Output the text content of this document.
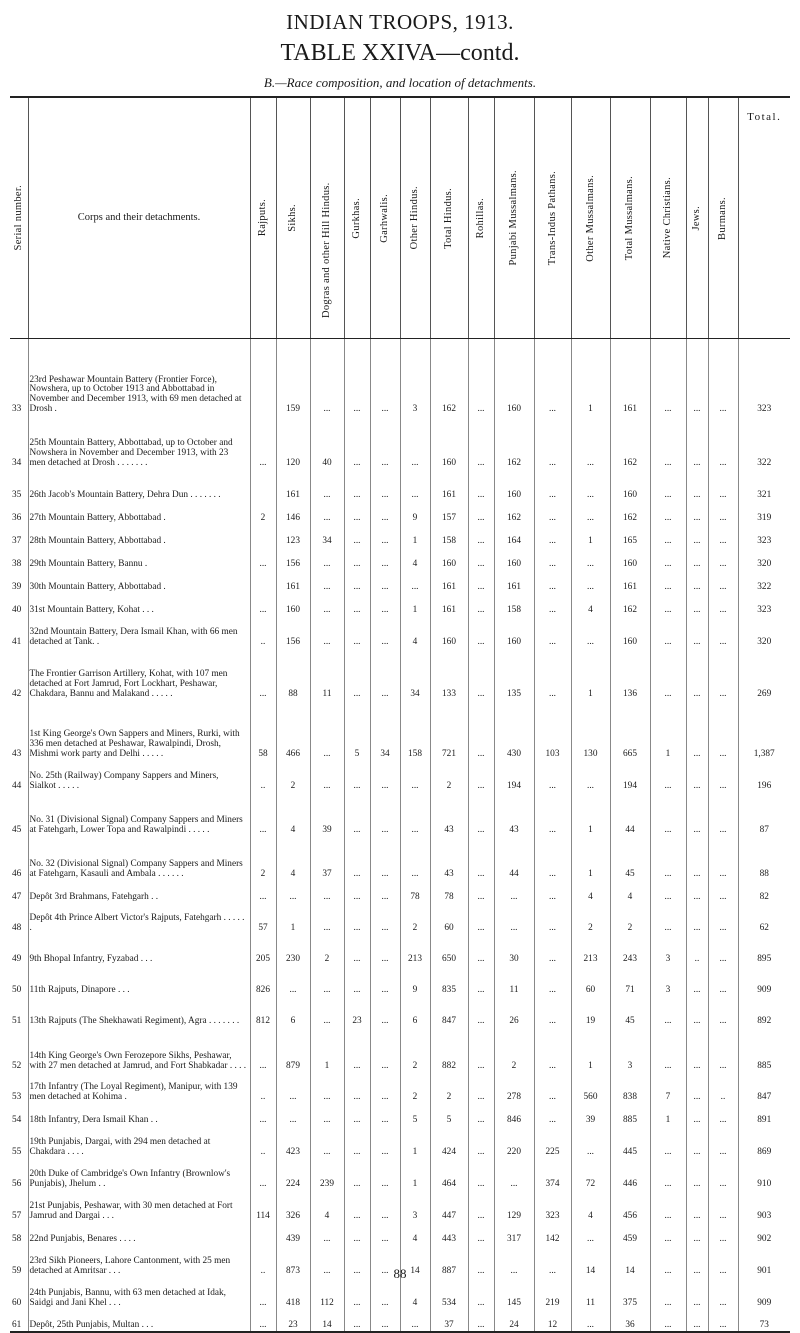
INDIAN TROOPS, 1913.
TABLE XXIVA—contd.
B.—Race composition, and location of detachments.
Serial number.	Corps and their detachments.	Rajputs.	Sikhs.	Dogras and other Hill Hindus.	Gurkhas.	Garhwalis.	Other Hindus.	Total Hindus.	Rohillas.	Punjabi Mussalmans.	Trans-Indus Pathans.	Other Mussalmans.	Total Mussalmans.	Native Christians.	Jews.	Burmans.	Total.
33	23rd Peshawar Mountain Battery (Frontier Force), Nowshera, up to October 1913 and Abbottabad in November and December 1913, with 69 men detached at Drosh .		159	...	...	...	3	162	...	160	...	1	161	...	...	...	323
34	25th Mountain Battery, Abbottabad, up to October and Nowshera in November and December 1913, with 23 men detached at Drosh . . . . . . .	...	120	40	...	...	...	160	...	162	...	...	162	...	...	...	322
35	26th Jacob's Mountain Battery, Dehra Dun . . . . . . .		161	...	...	...	...	161	...	160	...	...	160	...	...	...	321
36	27th Mountain Battery, Abbottabad .	2	146	...	...	...	9	157	...	162	...	...	162	...	...	...	319
37	28th Mountain Battery, Abbottabad .		123	34	...	...	1	158	...	164	...	1	165	...	...	...	323
38	29th Mountain Battery, Bannu .	...	156	...	...	...	4	160	...	160	...	...	160	...	...	...	320
39	30th Mountain Battery, Abbottabad .		161	...	...	...	...	161	...	161	...	...	161	...	...	...	322
40	31st Mountain Battery, Kohat . . .	...	160	...	...	...	1	161	...	158	...	4	162	...	...	...	323
41	32nd Mountain Battery, Dera Ismail Khan, with 66 men detached at Tank. .	..	156	...	...	...	4	160	...	160	...	...	160	...	...	...	320
42	The Frontier Garrison Artillery, Kohat, with 107 men detached at Fort Jamrud, Fort Lockhart, Peshawar, Chakdara, Bannu and Malakand . . . . .	...	88	11	...	...	34	133	...	135	...	1	136	...	...	...	269
43	1st King George's Own Sappers and Miners, Rurki, with 336 men detached at Peshawar, Rawalpindi, Drosh, Mishmi work party and Delhi . . . . .	58	466	...	5	34	158	721	...	430	103	130	665	1	...	...	1,387
44	No. 25th (Railway) Company Sappers and Miners, Sialkot . . . . .	..	2	...	...	...	...	2	...	194	...	...	194	...	...	...	196
45	No. 31 (Divisional Signal) Company Sappers and Miners at Fatehgarh, Lower Topa and Rawalpindi . . . . .	...	4	39	...	...	...	43	...	43	...	1	44	...	...	...	87
46	No. 32 (Divisional Signal) Company Sappers and Miners at Fatehgarn, Kasauli and Ambala . . . . . .	2	4	37	...	...	...	43	...	44	...	1	45	...	...	...	88
47	Depôt 3rd Brahmans, Fatehgarh . .	...	...	...	...	...	78	78	...	...	...	4	4	...	...	...	82
48	Depôt 4th Prince Albert Victor's Rajputs, Fatehgarh . . . . . .	57	1	...	...	...	2	60	...	...	...	2	2	...	...	...	62
49	9th Bhopal Infantry, Fyzabad . . .	205	230	2	...	...	213	650	...	30	...	213	243	3	..	...	895
50	11th Rajputs, Dinapore . . .	826	...	...	...	...	9	835	...	11	...	60	71	3	...	...	909
51	13th Rajputs (The Shekhawati Regiment), Agra . . . . . . .	812	6	...	23	...	6	847	...	26	...	19	45	...	...	...	892
52	14th King George's Own Ferozepore Sikhs, Peshawar, with 27 men detached at Jamrud, and Fort Shabkadar . . . .	...	879	1	...	...	2	882	...	2	...	1	3	...	...	...	885
53	17th Infantry (The Loyal Regiment), Manipur, with 139 men detached at Kohima .	..	...	...	...	...	2	2	...	278	...	560	838	7	...	..	847
54	18th Infantry, Dera Ismail Khan . .	...	...	...	...	...	5	5	...	846	...	39	885	1	...	...	891
55	19th Punjabis, Dargai, with 294 men detached at Chakdara . . . .	..	423	...	...	...	1	424	...	220	225	...	445	...	...	...	869
56	20th Duke of Cambridge's Own Infantry (Brownlow's Punjabis), Jhelum . .	...	224	239	...	...	1	464	...	...	374	72	446	...	...	...	910
57	21st Punjabis, Peshawar, with 30 men detached at Fort Jamrud and Dargai . . .	114	326	4	...	...	3	447	...	129	323	4	456	...	...	...	903
58	22nd Punjabis, Benares . . . .		439	...	...	...	4	443	...	317	142	...	459	...	...	...	902
59	23rd Sikh Pioneers, Lahore Cantonment, with 25 men detached at Amritsar . . .	..	873	...	...	...	14	887	...	...	...	14	14	...	...	...	901
60	24th Punjabis, Bannu, with 63 men detached at Idak, Saidgi and Jani Khel . . .	...	418	112	...	...	4	534	...	145	219	11	375	...	...	...	909
61	Depôt, 25th Punjabis, Multan . . .	...	23	14	...	...	...	37	...	24	12	...	36	...	...	...	73
88
